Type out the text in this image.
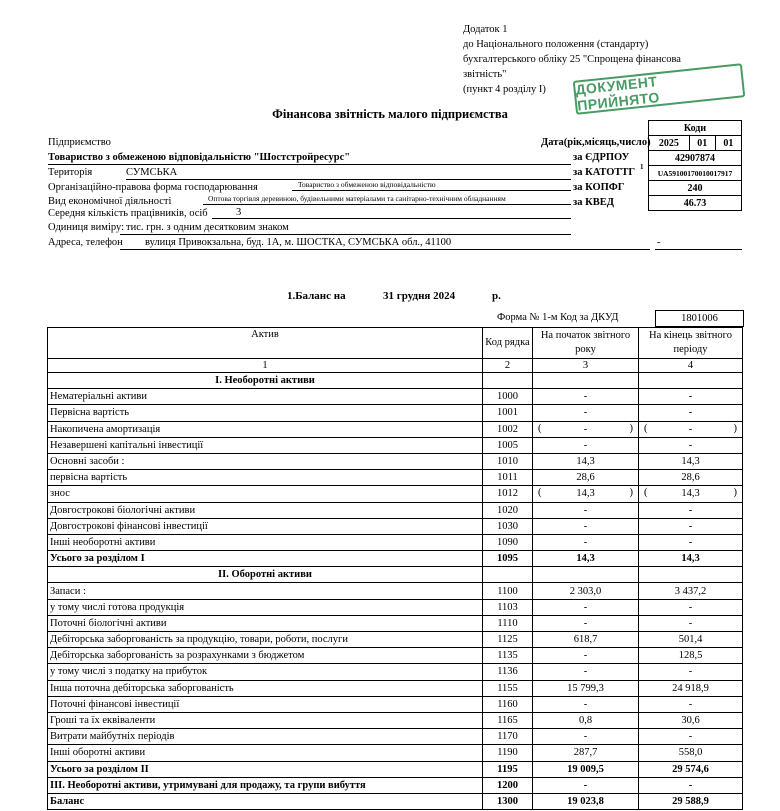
Додаток 1
до Національного положення (стандарту)
бухгалтерського обліку 25 "Спрощена фінансова
звітність"
(пункт 4 розділу I)	ДОКУМЕНТ ПРИЙНЯТО
Фінансова звітність малого підприємства
Коди
2025	01	01
42907874
UA59100170010017917
240
46.73
Дата(рік,місяць,число)
за ЄДРПОУ
за КАТОТТГ 1
за КОПФГ
за КВЕД
Підприємство
Товариство з обмеженою відповідальністю "Шостстройресурс"
Територія	СУМСЬКА
Організаційно-правова форма господарювання	Товариство з обмеженою відповідальністю
Вид економічної діяльності	Оптова торгівля деревиною, будівельними матеріалами та санітарно-технічним обладнанням
Середня кількість працівників, осіб	3
Одиниця виміру: тис. грн. з одним десятковим знаком
Адреса, телефон вулиця Привокзальна, буд. 1А, м. ШОСТКА, СУМСЬКА обл., 41100	-
1.Баланс на	31 грудня 2024	р.
Форма № 1-м Код за ДКУД	1801006
Актив	Код рядка	На початок звітного року	На кінець звітного періоду
1	2	3	4
I. Необоротні активи			
Нематеріальні активи	1000	-	-
Первісна вартість	1001	-	-
Накопичена амортизація	1002	( - )	( - )

Незавершені капітальні інвестиції	1005	-	-
Основні засоби :	1010	14,3	14,3
первісна вартість	1011	28,6	28,6
знос	1012	( 14,3 )	( 14,3 )

Довгострокові біологічні активи	1020	-	-
Довгострокові фінансові інвестиції	1030	-	-
Інші необоротні активи	1090	-	-
Усього за розділом I	1095	14,3	14,3
II. Оборотні активи			
Запаси :	1100	2 303,0	3 437,2
у тому числі готова продукція	1103	-	-
Поточні біологічні активи	1110	-	-
Дебіторська заборгованість за продукцію, товари, роботи, послуги	1125	618,7	501,4
Дебіторська заборгованість за розрахунками з бюджетом	1135	-	128,5
у тому числі з податку на прибуток	1136	-	-
Інша поточна дебіторська заборгованість	1155	15 799,3	24 918,9
Поточні фінансові інвестиції	1160	-	-
Гроші та їх еквіваленти	1165	0,8	30,6
Витрати майбутніх періодів	1170	-	-
Інші оборотні активи	1190	287,7	558,0
Усього за розділом II	1195	19 009,5	29 574,6
III. Необоротні активи, утримувані для продажу, та групи вибуття	1200	-	-
Баланс	1300	19 023,8	29 588,9
